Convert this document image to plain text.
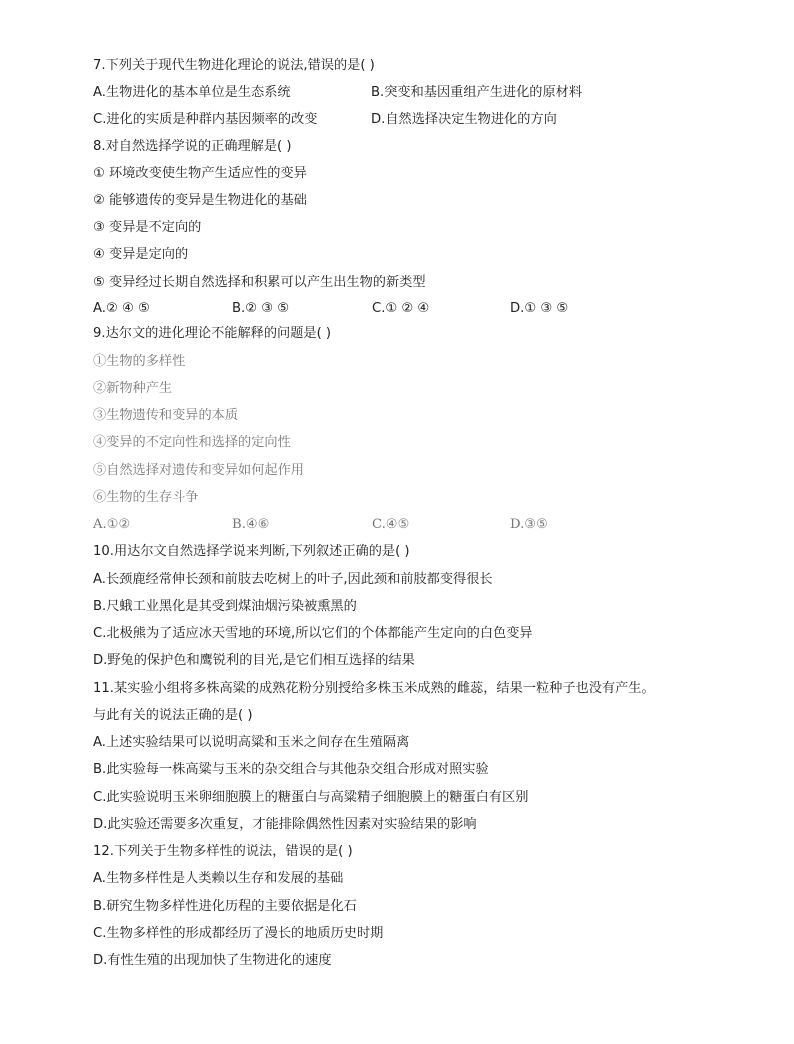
7.下列关于现代生物进化理论的说法,错误的是( )
A.生物进化的基本单位是生态系统	B.突变和基因重组产生进化的原材料
C.进化的实质是种群内基因频率的改变	D.自然选择决定生物进化的方向
8.对自然选择学说的正确理解是( )
① 环境改变使生物产生适应性的变异
② 能够遗传的变异是生物进化的基础
③ 变异是不定向的
④ 变异是定向的
⑤ 变异经过长期自然选择和积累可以产生出生物的新类型
A.② ④ ⑤	B.② ③ ⑤	C.① ② ④	D.① ③ ⑤
9.达尔文的进化理论不能解释的问题是( )
①生物的多样性
②新物种产生
③生物遗传和变异的本质
④变异的不定向性和选择的定向性
⑤自然选择对遗传和变异如何起作用
⑥生物的生存斗争
A.①②	B.④⑥	C.④⑤	D.③⑤
10.用达尔文自然选择学说来判断,下列叙述正确的是( )
A.长颈鹿经常伸长颈和前肢去吃树上的叶子,因此颈和前肢都变得很长
B.尺蛾工业黑化是其受到煤油烟污染被熏黑的
C.北极熊为了适应冰天雪地的环境,所以它们的个体都能产生定向的白色变异
D.野兔的保护色和鹰锐利的目光,是它们相互选择的结果
11.某实验小组将多株高粱的成熟花粉分别授给多株玉米成熟的雌蕊，结果一粒种子也没有产生。
与此有关的说法正确的是( )
A.上述实验结果可以说明高粱和玉米之间存在生殖隔离
B.此实验每一株高粱与玉米的杂交组合与其他杂交组合形成对照实验
C.此实验说明玉米卵细胞膜上的糖蛋白与高粱精子细胞膜上的糖蛋白有区别
D.此实验还需要多次重复，才能排除偶然性因素对实验结果的影响
12.下列关于生物多样性的说法，错误的是( )
A.生物多样性是人类赖以生存和发展的基础
B.研究生物多样性进化历程的主要依据是化石
C.生物多样性的形成都经历了漫长的地质历史时期
D.有性生殖的出现加快了生物进化的速度
